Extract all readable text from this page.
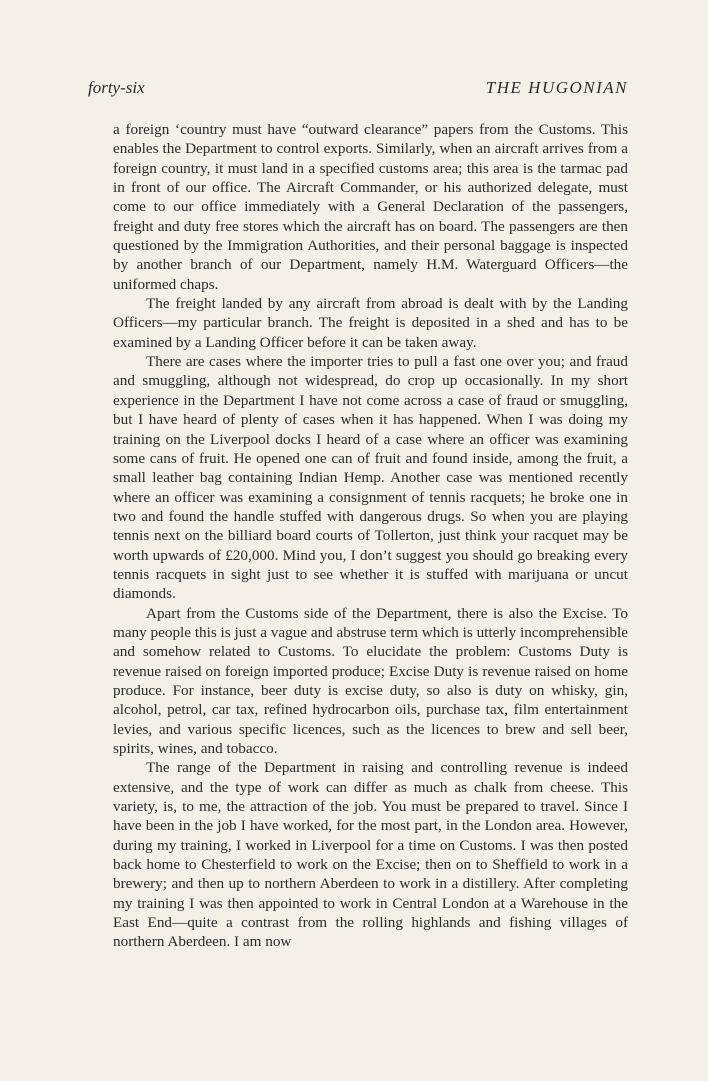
forty-six	THE HUGONIAN

a foreign ‘country must have “outward clearance” papers from the Customs. This enables the Department to control exports. Similarly, when an aircraft arrives from a foreign country, it must land in a specified customs area; this area is the tarmac pad in front of our office. The Aircraft Commander, or his authorized delegate, must come to our office immediately with a General Declaration of the passengers, freight and duty free stores which the aircraft has on board. The passengers are then questioned by the Immigration Authorities, and their personal baggage is inspected by another branch of our Department, namely H.M. Waterguard Officers—the uniformed chaps.

The freight landed by any aircraft from abroad is dealt with by the Landing Officers—my particular branch. The freight is deposited in a shed and has to be examined by a Landing Officer before it can be taken away.

There are cases where the importer tries to pull a fast one over you; and fraud and smuggling, although not widespread, do crop up occasionally. In my short experience in the Department I have not come across a case of fraud or smuggling, but I have heard of plenty of cases when it has happened. When I was doing my training on the Liverpool docks I heard of a case where an officer was examining some cans of fruit. He opened one can of fruit and found inside, among the fruit, a small leather bag containing Indian Hemp. Another case was mentioned recently where an officer was examining a consignment of tennis racquets; he broke one in two and found the handle stuffed with dangerous drugs. So when you are playing tennis next on the billiard board courts of Tollerton, just think your racquet may be worth upwards of £20,000. Mind you, I don’t suggest you should go breaking every tennis racquets in sight just to see whether it is stuffed with marijuana or uncut diamonds.

Apart from the Customs side of the Department, there is also the Excise. To many people this is just a vague and abstruse term which is utterly incomprehensible and somehow related to Customs. To elucidate the problem: Customs Duty is revenue raised on foreign imported produce; Excise Duty is revenue raised on home produce. For instance, beer duty is excise duty, so also is duty on whisky, gin, alcohol, petrol, car tax, refined hydrocarbon oils, purchase tax, film entertainment levies, and various specific licences, such as the licences to brew and sell beer, spirits, wines, and tobacco.

The range of the Department in raising and controlling revenue is indeed extensive, and the type of work can differ as much as chalk from cheese. This variety, is, to me, the attraction of the job. You must be prepared to travel. Since I have been in the job I have worked, for the most part, in the London area. However, during my training, I worked in Liverpool for a time on Customs. I was then posted back home to Chesterfield to work on the Excise; then on to Sheffield to work in a brewery; and then up to northern Aberdeen to work in a distillery. After completing my training I was then appointed to work in Central London at a Warehouse in the East End—quite a contrast from the rolling highlands and fishing villages of northern Aberdeen. I am now
